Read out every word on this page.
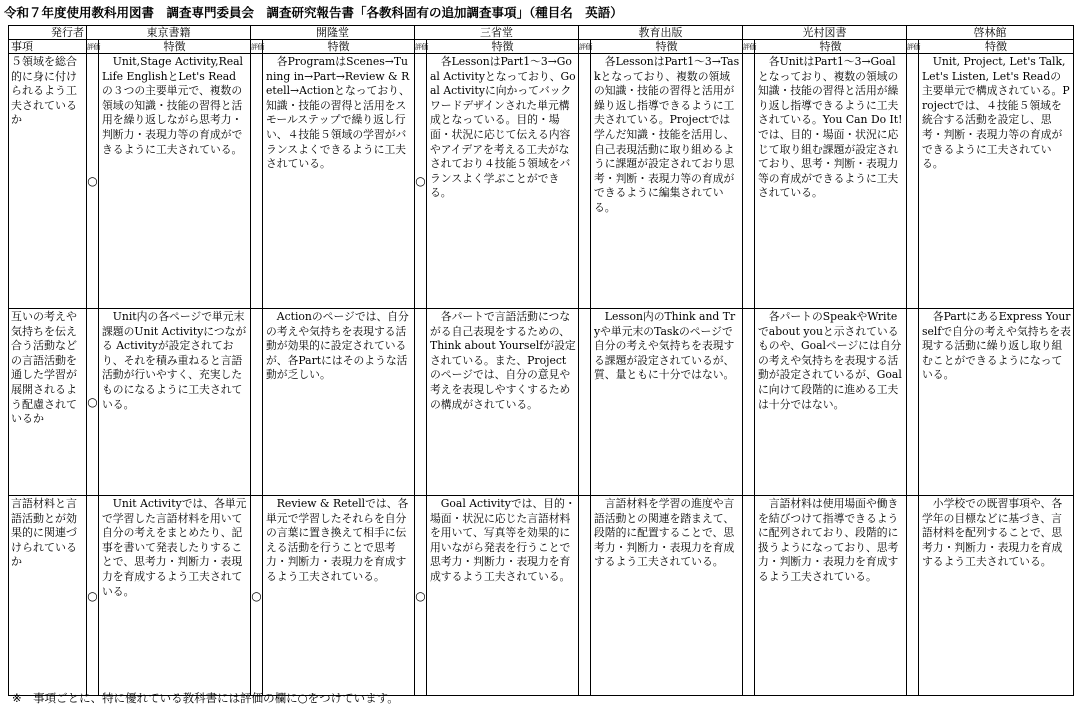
令和７年度使用教科用図書　調査専門委員会　調査研究報告書「各教科固有の追加調査事項」（種目名　英語）
発行者	東京書籍		開隆堂		三省堂		教育出版		光村図書		啓林館	
事項	評価	特徴	評価	特徴	評価	特徴	評価	特徴	評価	特徴	評価	特徴
５領域を総合的に身に付けられるよう工夫されているか	○	　Unit,Stage Activity,Real Life EnglishとLet's Read の３つの主要単元で、複数の領域の知識・技能の習得と活用を繰り返しながら思考力・判断力・表現力等の育成ができるように工夫されている。		　各ProgramはScenes→Tuning in→Part→Review & Retell→Actionとなっており、知識・技能の習得と活用をスモールステップで繰り返し行い、４技能５領域の学習がバランスよくできるように工夫されている。	○	　各LessonはPart1～3→Goal Activityとなっており、Goal Activityに向かってバックワードデザインされた単元構成となっている。目的・場面・状況に応じて伝える内容やアイデアを考える工夫がなされており４技能５領域をバランスよく学ぶことができる。		　各LessonはPart1～3→Taskとなっており、複数の領域の知識・技能の習得と活用が繰り返し指導できるように工夫されている。Projectでは学んだ知識・技能を活用し、自己表現活動に取り組めるように課題が設定されており思考・判断・表現力等の育成ができるように編集されている。		　各UnitはPart1～3→Goalとなっており、複数の領域の知識・技能の習得と活用が繰り返し指導できるように工夫されている。You Can Do It!では、目的・場面・状況に応じて取り組む課題が設定されており、思考・判断・表現力等の育成ができるように工夫されている。		　Unit, Project, Let's Talk, Let's Listen, Let's Readの主要単元で構成されている。Projectでは、４技能５領域を統合する活動を設定し、思考・判断・表現力等の育成ができるように工夫されている。
互いの考えや気持ちを伝え合う活動などの言語活動を通した学習が展開されるよう配慮されているか	○	　Unit内の各ページで単元末課題のUnit Activityにつながる Activityが設定されており、それを積み重ねると言語活動が行いやすく、充実したものになるように工夫されている。		　Actionのページでは、自分の考えや気持ちを表現する活動が効果的に設定されているが、各Partにはそのような活動が乏しい。		　各パートで言語活動につながる自己表現をするための、Think about Yourselfが設定されている。また、Projectのページでは、自分の意見や考えを表現しやすくするための構成がされている。		　Lesson内のThink and Tryや単元末のTaskのページで自分の考えや気持ちを表現する課題が設定されているが、質、量ともに十分ではない。		　各パートのSpeakやWriteでabout youと示されているものや、Goalページには自分の考えや気持ちを表現する活動が設定されているが、Goalに向けて段階的に進める工夫は十分ではない。		　各PartにあるExpress Yourselfで自分の考えや気持ちを表現する活動に繰り返し取り組むことができるようになっている。
言語材料と言語活動とが効果的に関連づけられているか	○	　Unit Activityでは、各単元で学習した言語材料を用いて自分の考えをまとめたり、記事を書いて発表したりすることで、思考力・判断力・表現力を育成するよう工夫されている。	○	　Review & Retellでは、各単元で学習したそれらを自分の言葉に置き換えて相手に伝える活動を行うことで思考力・判断力・表現力を育成するよう工夫されている。	○	　Goal Activityでは、目的・場面・状況に応じた言語材料を用いて、写真等を効果的に用いながら発表を行うことで思考力・判断力・表現力を育成するよう工夫されている。		　言語材料を学習の進度や言語活動との関連を踏まえて、段階的に配置することで、思考力・判断力・表現力を育成するよう工夫されている。		　言語材料は使用場面や働きを結びつけて指導できるように配列されており、段階的に扱うようになっており、思考力・判断力・表現力を育成するよう工夫されている。		　小学校での既習事項や、各学年の目標などに基づき、言語材料を配列することで、思考力・判断力・表現力を育成するよう工夫されている。
※　事項ごとに、特に優れている教科書には評価の欄に○をつけています。
